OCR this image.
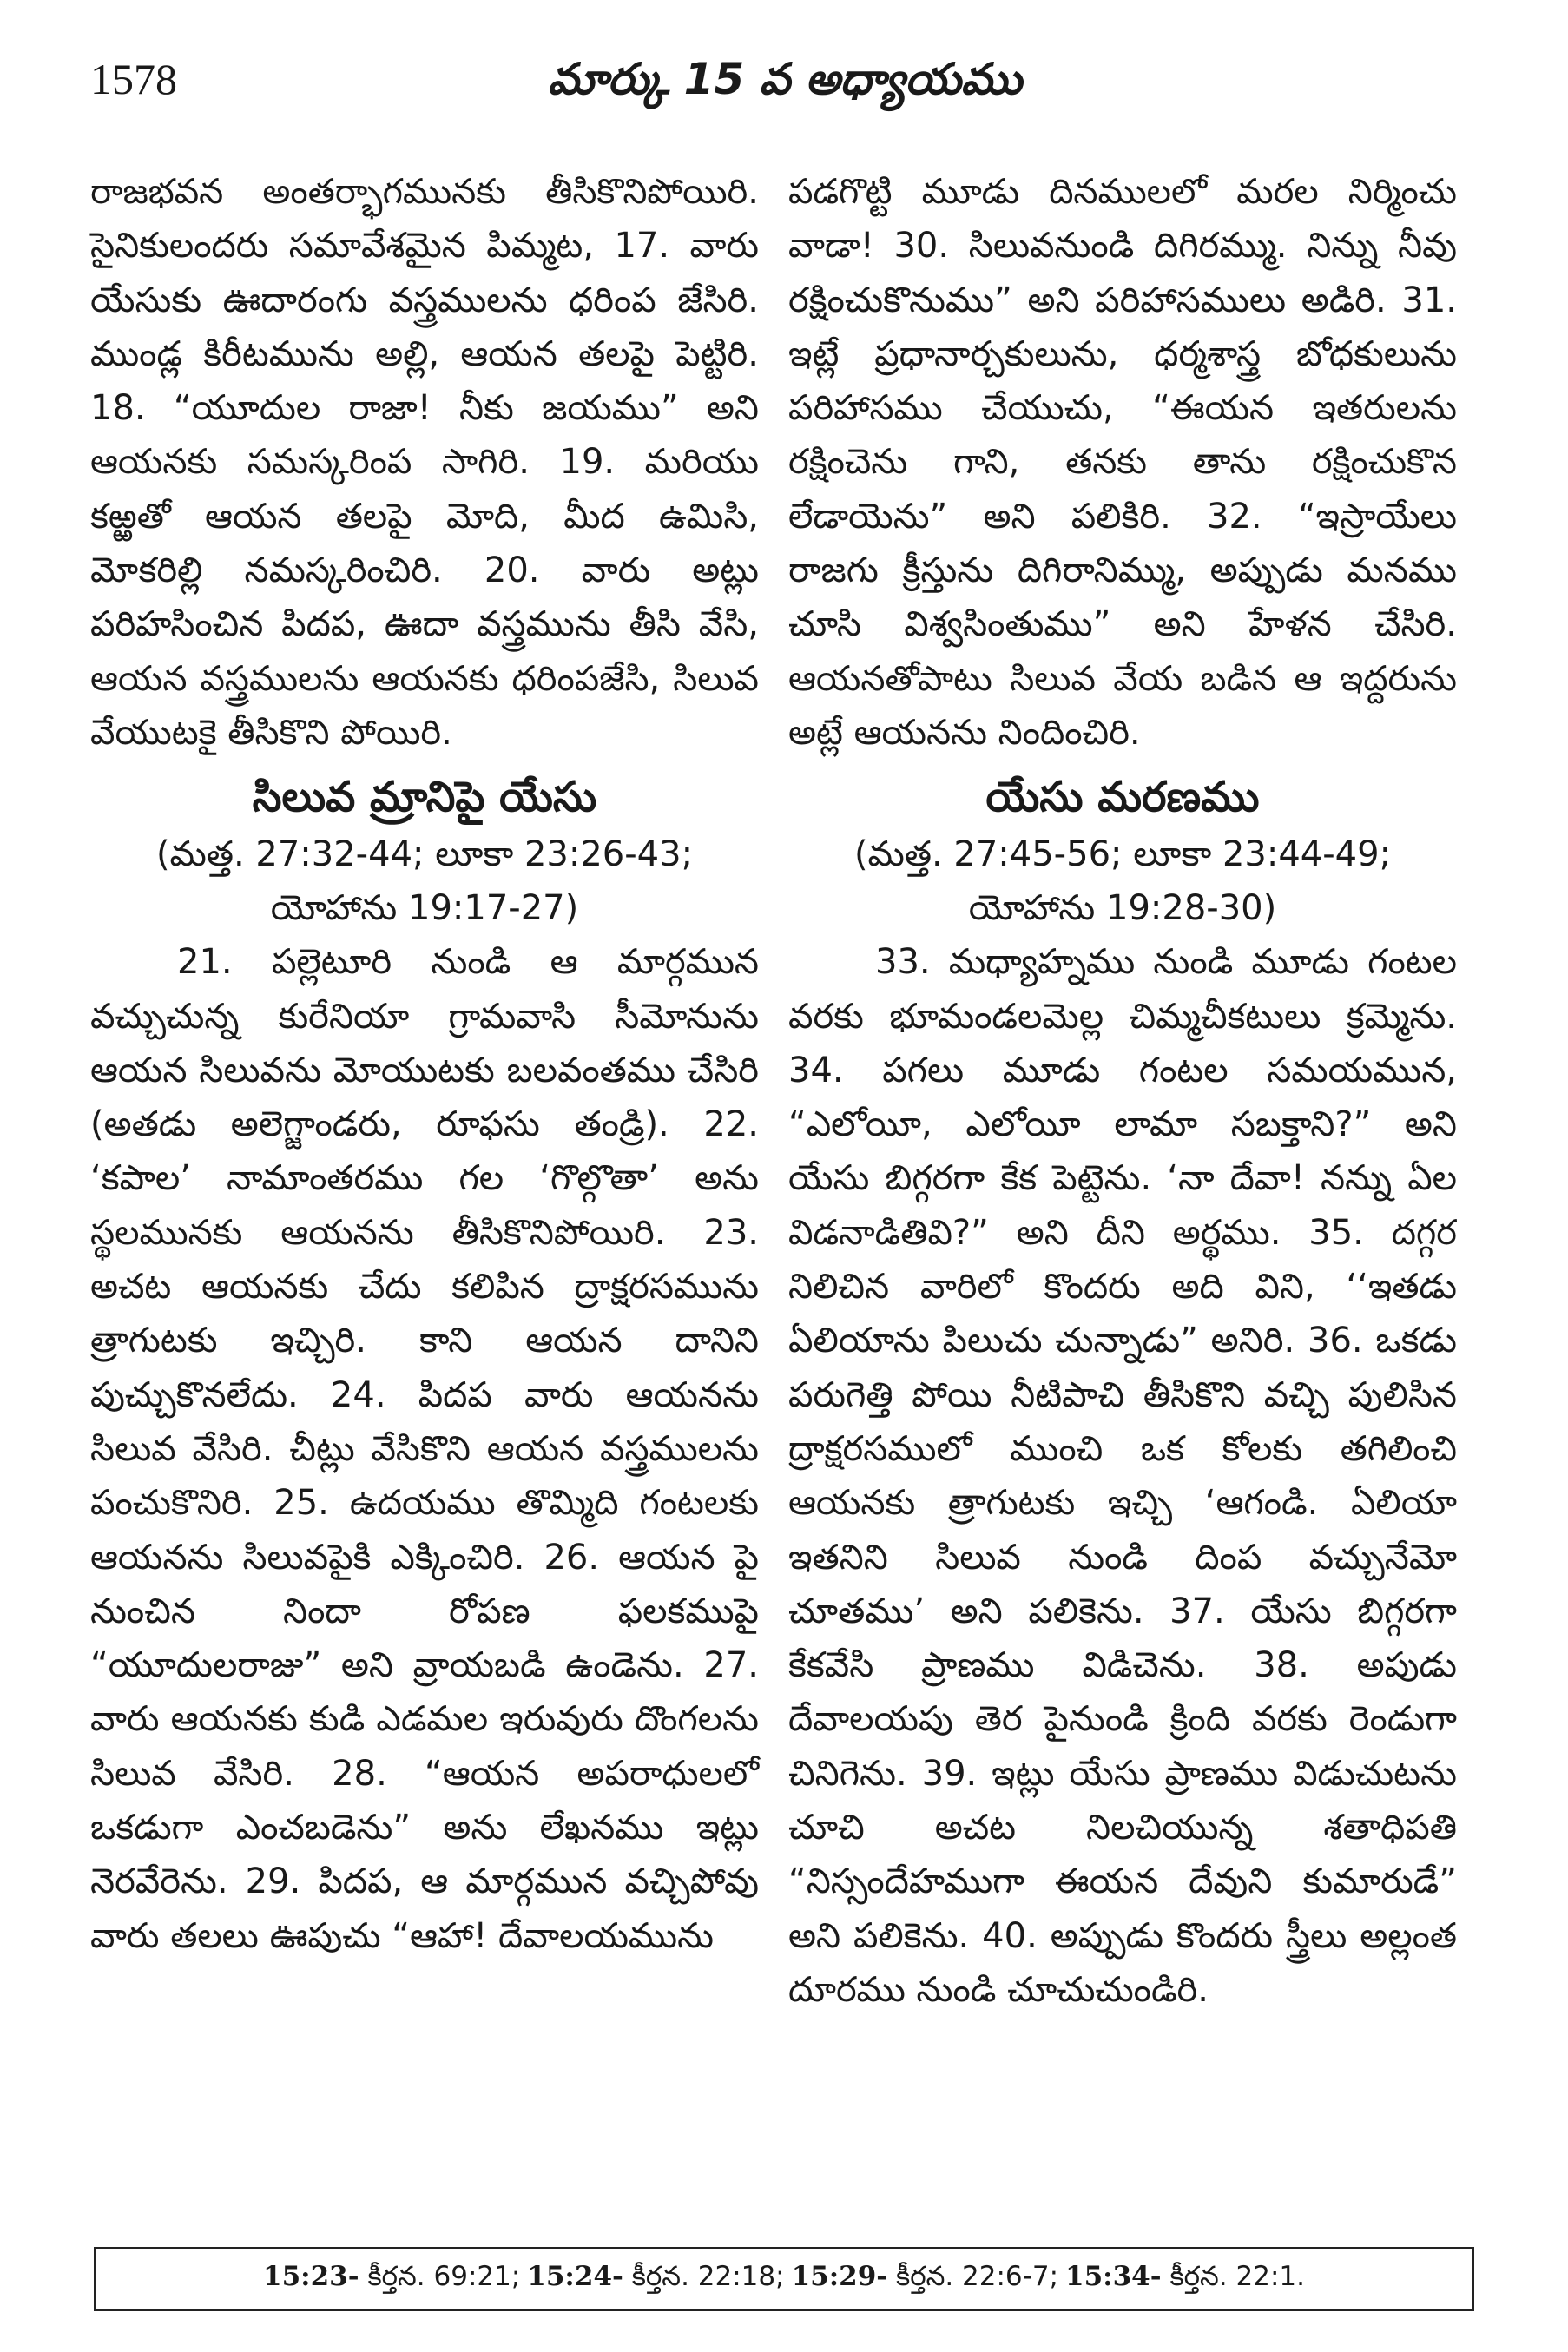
1578	మార్కు 15 వ అధ్యాయము

రాజభవన అంతర్భాగమునకు తీసికొనిపోయిరి. సైనికులందరు సమావేశమైన పిమ్మట, 17. వారు యేసుకు ఊదారంగు వస్త్రములను ధరింప జేసిరి. ముండ్ల కిరీటమును అల్లి, ఆయన తలపై పెట్టిరి. 18. “యూదుల రాజా! నీకు జయము” అని ఆయనకు సమస్కరింప సాగిరి. 19. మరియు కఱ్ఱతో ఆయన తలపై మోది, మీద ఉమిసి, మోకరిల్లి నమస్కరించిరి. 20. వారు అట్లు పరిహసించిన పిదప, ఊదా వస్త్రమును తీసి వేసి, ఆయన వస్త్రములను ఆయనకు ధరింపజేసి, సిలువ వేయుటకై తీసికొని పోయిరి.

సిలువ మ్రానిపై యేసు
(మత్త. 27:32-44; లూకా 23:26-43;
యోహాను 19:17-27)

21. పల్లెటూరి నుండి ఆ మార్గమున వచ్చుచున్న కురేనియా గ్రామవాసి సీమోనును ఆయన సిలువను మోయుటకు బలవంతము చేసిరి (అతడు అలెగ్జాండరు, రూఫసు తండ్రి). 22. ‘కపాల’ నామాంతరము గల ‘గొల్గొతా’ అను స్థలమునకు ఆయనను తీసికొనిపోయిరి. 23. అచట ఆయనకు చేదు కలిపిన ద్రాక్షరసమును త్రాగుటకు ఇచ్చిరి. కాని ఆయన దానిని పుచ్చుకొనలేదు. 24. పిదప వారు ఆయనను సిలువ వేసిరి. చీట్లు వేసికొని ఆయన వస్త్రములను పంచుకొనిరి. 25. ఉదయము తొమ్మిది గంటలకు ఆయనను సిలువపైకి ఎక్కించిరి. 26. ఆయన పై నుంచిన నిందా రోపణ ఫలకముపై “యూదులరాజు” అని వ్రాయబడి ఉండెను. 27. వారు ఆయనకు కుడి ఎడమల ఇరువురు దొంగలను సిలువ వేసిరి. 28. “ఆయన అపరాధులలో ఒకడుగా ఎంచబడెను” అను లేఖనము ఇట్లు నెరవేరెను. 29. పిదప, ఆ మార్గమున వచ్చిపోవు వారు తలలు ఊపుచు “ఆహా! దేవాలయమును

పడగొట్టి మూడు దినములలో మరల నిర్మించు వాడా! 30. సిలువనుండి దిగిరమ్ము. నిన్ను నీవు రక్షించుకొనుము” అని పరిహాసములు అడిరి. 31. ఇట్లే ప్రధానార్చకులును, ధర్మశాస్త్ర బోధకులును పరిహాసము చేయుచు, “ఈయన ఇతరులను రక్షించెను గాని, తనకు తాను రక్షించుకొన లేడాయెను” అని పలికిరి. 32. “ఇస్రాయేలు రాజగు క్రీస్తును దిగిరానిమ్ము, అప్పుడు మనము చూసి విశ్వసింతుము” అని హేళన చేసిరి. ఆయనతోపాటు సిలువ వేయ బడిన ఆ ఇద్దరును అట్లే ఆయనను నిందించిరి.

యేసు మరణము
(మత్త. 27:45-56; లూకా 23:44-49;
యోహాను 19:28-30)

33. మధ్యాహ్నము నుండి మూడు గంటల వరకు భూమండలమెల్ల చిమ్మచీకటులు క్రమ్మెను. 34. పగలు మూడు గంటల సమయమున, “ఎలోయీ, ఎలోయీ లామా సబక్తాని?” అని యేసు బిగ్గరగా కేక పెట్టెను. ‘నా దేవా! నన్ను ఏల విడనాడితివి?” అని దీని అర్థము. 35. దగ్గర నిలిచిన వారిలో కొందరు అది విని, ‘‘ఇతడు ఏలియాను పిలుచు చున్నాడు” అనిరి. 36. ఒకడు పరుగెత్తి పోయి నీటిపాచి తీసికొని వచ్చి పులిసిన ద్రాక్షరసములో ముంచి ఒక కోలకు తగిలించి ఆయనకు త్రాగుటకు ఇచ్చి ‘ఆగండి. ఏలియా ఇతనిని సిలువ నుండి దింప వచ్చునేమో చూతము’ అని పలికెను. 37. యేసు బిగ్గరగా కేకవేసి ప్రాణము విడిచెను. 38. అపుడు దేవాలయపు తెర పైనుండి క్రింది వరకు రెండుగా చినిగెను. 39. ఇట్లు యేసు ప్రాణము విడుచుటను చూచి అచట నిలచియున్న శతాధిపతి “నిస్సందేహముగా ఈయన దేవుని కుమారుడే” అని పలికెను. 40. అప్పుడు కొందరు స్త్రీలు అల్లంత దూరము నుండి చూచుచుండిరి.

15:23- కీర్తన. 69:21; 15:24- కీర్తన. 22:18; 15:29- కీర్తన. 22:6-7; 15:34- కీర్తన. 22:1.
